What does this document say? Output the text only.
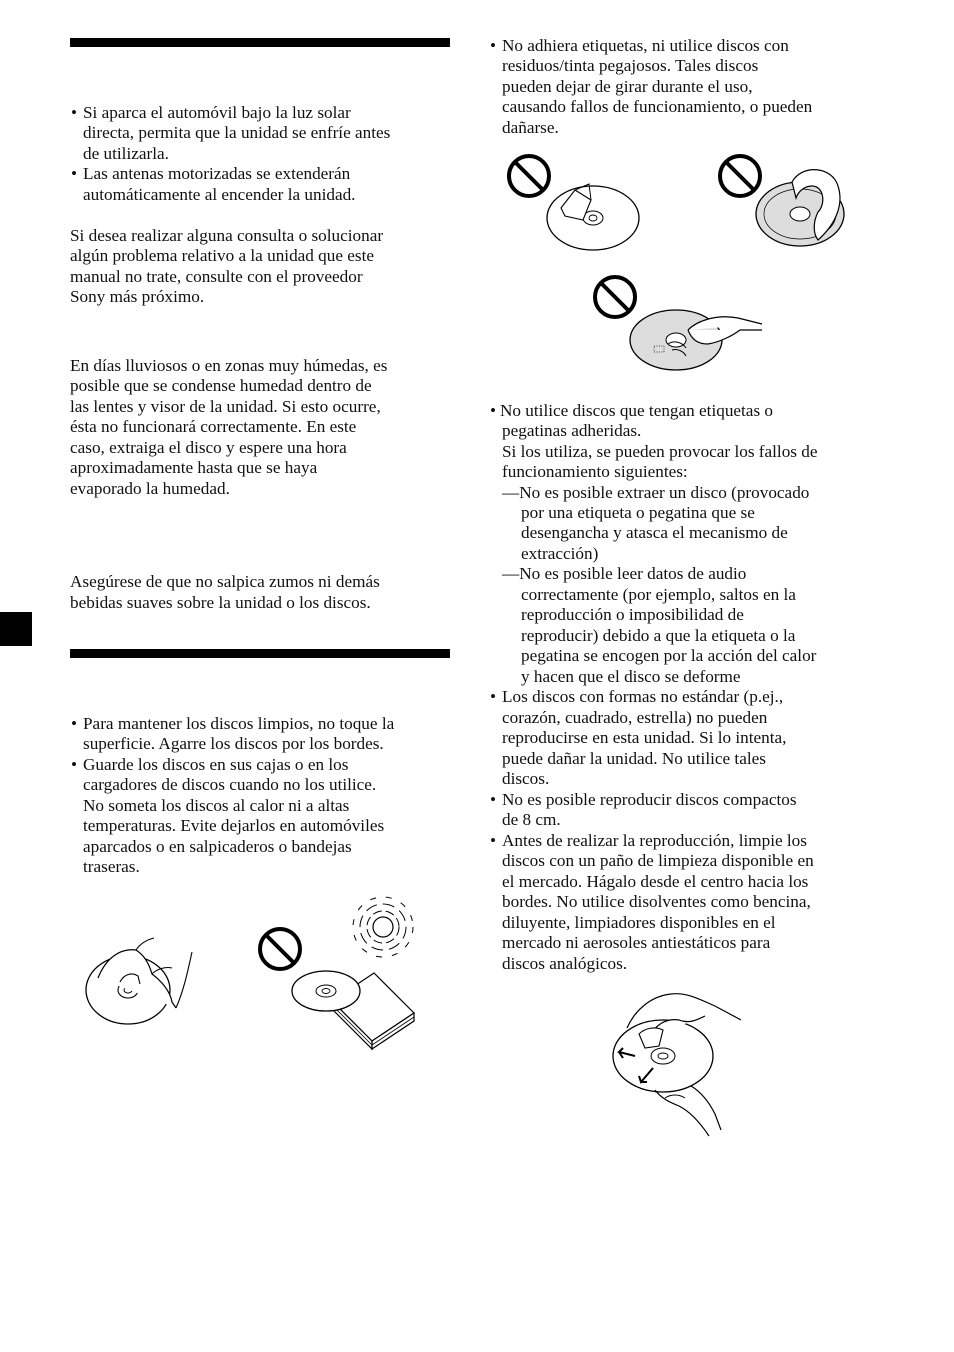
• Si aparca el automóvil bajo la luz solar

directa, permita que la unidad se enfríe antes

de utilizarla.

• Las antenas motorizadas se extenderán

automáticamente al encender la unidad.

Si desea realizar alguna consulta o solucionar

algún problema relativo a la unidad que este

manual no trate, consulte con el proveedor

Sony más próximo.

En días lluviosos o en zonas muy húmedas, es

posible que se condense humedad dentro de

las lentes y visor de la unidad. Si esto ocurre,

ésta no funcionará correctamente. En este

caso, extraiga el disco y espere una hora

aproximadamente hasta que se haya

evaporado la humedad.

Asegúrese de que no salpica zumos ni demás

bebidas suaves sobre la unidad o los discos.

• Para mantener los discos limpios, no toque la

superficie. Agarre los discos por los bordes.

• Guarde los discos en sus cajas o en los

cargadores de discos cuando no los utilice.

No someta los discos al calor ni a altas

temperaturas. Evite dejarlos en automóviles

aparcados o en salpicaderos o bandejas

traseras.

• No adhiera etiquetas, ni utilice discos con

residuos/tinta pegajosos. Tales discos

pueden dejar de girar durante el uso,

causando fallos de funcionamiento, o pueden

dañarse.

• No utilice discos que tengan etiquetas o

pegatinas adheridas.

Si los utiliza, se pueden provocar los fallos de

funcionamiento siguientes:

—No es posible extraer un disco (provocado

por una etiqueta o pegatina que se

desengancha y atasca el mecanismo de

extracción)

—No es posible leer datos de audio

correctamente (por ejemplo, saltos en la

reproducción o imposibilidad de

reproducir) debido a que la etiqueta o la

pegatina se encogen por la acción del calor

y hacen que el disco se deforme

• Los discos con formas no estándar (p.ej.,

corazón, cuadrado, estrella) no pueden

reproducirse en esta unidad. Si lo intenta,

puede dañar la unidad. No utilice tales

discos.

• No es posible reproducir discos compactos

de 8 cm.

• Antes de realizar la reproducción, limpie los

discos con un paño de limpieza disponible en

el mercado. Hágalo desde el centro hacia los

bordes. No utilice disolventes como bencina,

diluyente, limpiadores disponibles en el

mercado ni aerosoles antiestáticos para

discos analógicos.
